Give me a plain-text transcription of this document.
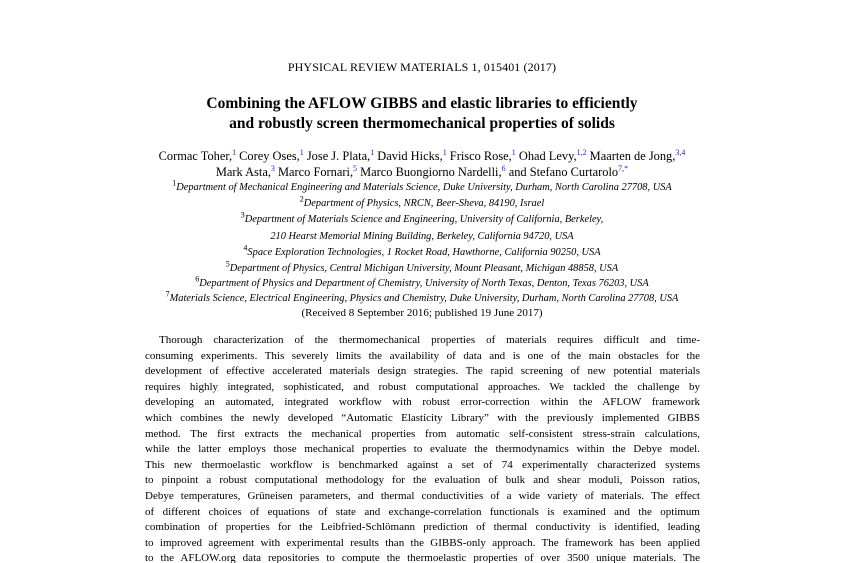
PHYSICAL REVIEW MATERIALS 1, 015401 (2017)
Combining the AFLOW GIBBS and elastic libraries to efficiently
and robustly screen thermomechanical properties of solids
Cormac Toher,$^1$ Corey Oses,$^1$ Jose J. Plata,$^1$ David Hicks,$^1$ Frisco Rose,$^1$ Ohad Levy,$^{1,2}$ Maarten de Jong,$^{3,4}$
Mark Asta,$^3$ Marco Fornari,$^5$ Marco Buongiorno Nardelli,$^6$ and Stefano Curtarolo$^{7,*}$
$^1$Department of Mechanical Engineering and Materials Science, Duke University, Durham, North Carolina 27708, USA
$^2$Department of Physics, NRCN, Beer-Sheva, 84190, Israel
$^3$Department of Materials Science and Engineering, University of California, Berkeley,
210 Hearst Memorial Mining Building, Berkeley, California 94720, USA
$^4$Space Exploration Technologies, 1 Rocket Road, Hawthorne, California 90250, USA
$^5$Department of Physics, Central Michigan University, Mount Pleasant, Michigan 48858, USA
$^6$Department of Physics and Department of Chemistry, University of North Texas, Denton, Texas 76203, USA
$^7$Materials Science, Electrical Engineering, Physics and Chemistry, Duke University, Durham, North Carolina 27708, USA
(Received 8 September 2016; published 19 June 2017)
Thorough characterization of the thermomechanical properties of materials requires difficult and time-
consuming experiments. This severely limits the availability of data and is one of the main obstacles for the
development of effective accelerated materials design strategies. The rapid screening of new potential materials
requires highly integrated, sophisticated, and robust computational approaches. We tackled the challenge by
developing an automated, integrated workflow with robust error-correction within the AFLOW framework
which combines the newly developed “Automatic Elasticity Library” with the previously implemented GIBBS
method. The first extracts the mechanical properties from automatic self-consistent stress-strain calculations,
while the latter employs those mechanical properties to evaluate the thermodynamics within the Debye model.
This new thermoelastic workflow is benchmarked against a set of 74 experimentally characterized systems
to pinpoint a robust computational methodology for the evaluation of bulk and shear moduli, Poisson ratios,
Debye temperatures, Grüneisen parameters, and thermal conductivities of a wide variety of materials. The effect
of different choices of equations of state and exchange-correlation functionals is examined and the optimum
combination of properties for the Leibfried-Schlömann prediction of thermal conductivity is identified, leading
to improved agreement with experimental results than the GIBBS-only approach. The framework has been applied
to the AFLOW.org data repositories to compute the thermoelastic properties of over 3500 unique materials. The
